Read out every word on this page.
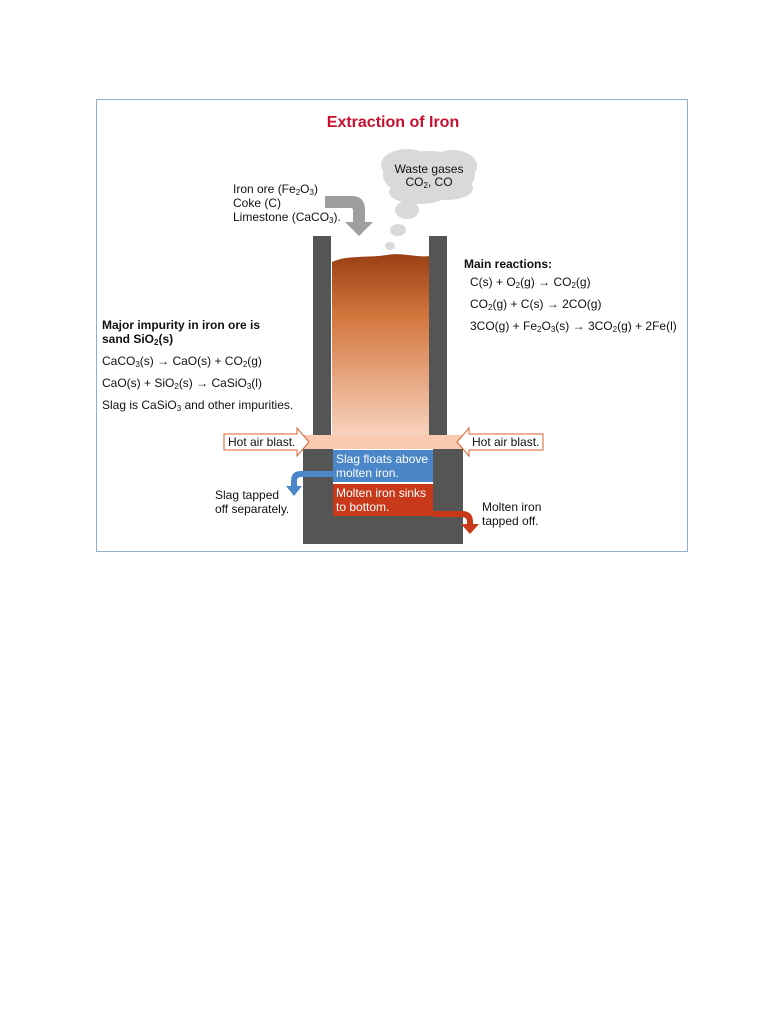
Extraction of Iron
Iron ore $(Fe_2O_3)$
Coke (C)
Limestone (CaCO$_3$).
Waste gases
$CO_2$, CO
Main reactions:
$C(s) + O_2(g) \to CO_2(g)$
$CO_2(g) + C(s) \to 2CO(g)$
$3CO(g) + Fe_2O_3(s) \to 3CO_2(g) + 2Fe(l)$
Major impurity in iron ore is
sand SiO$_2$(s)
CaCO$_3$(s) → $CaO(s) + CO_2(g)$
CaO(s) + SiO$_2$(s) → CaSiO$_3$(l)
Slag is CaSiO$_3$ and other impurities.
Hot air blast.	Hot air blast.
Slag floats above
molten iron.
Molten iron sinks
to bottom.
Slag tapped
off separately.	Molten iron
tapped off.
